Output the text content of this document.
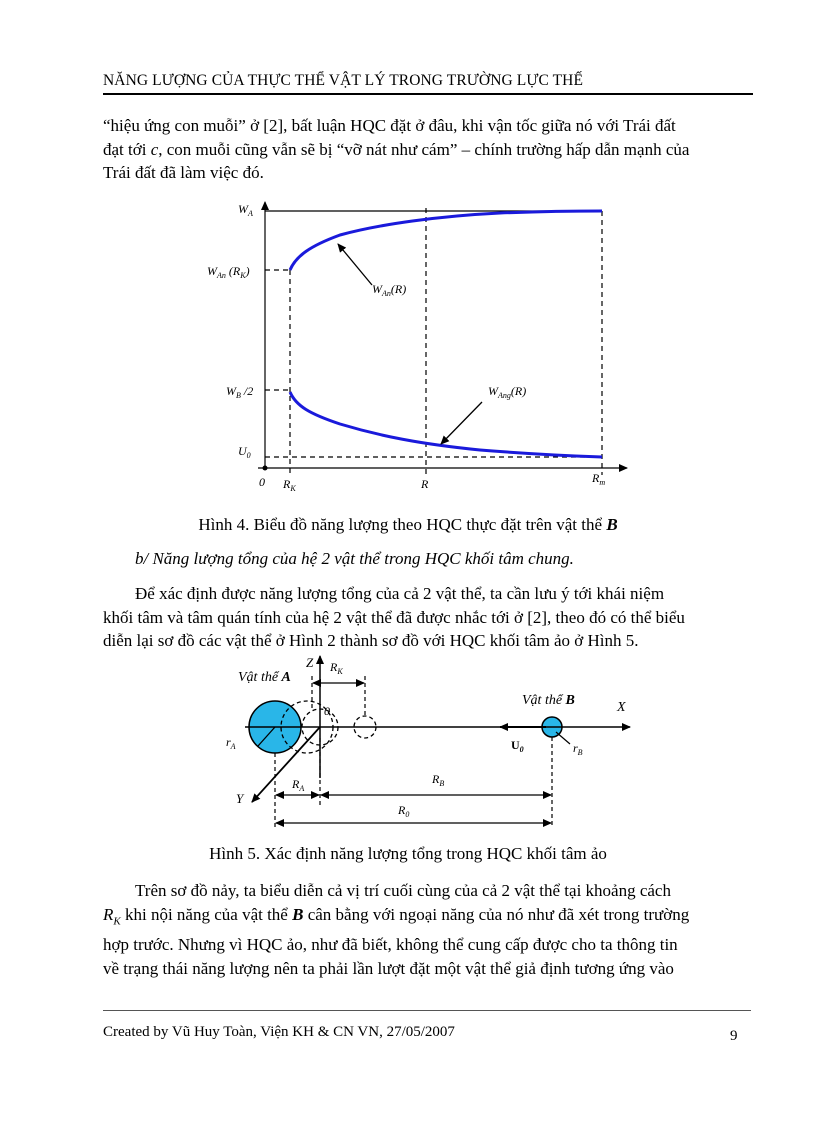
NĂNG LƯỢNG CỦA THỰC THỂ VẬT LÝ TRONG TRƯỜNG LỰC THẾ

“hiệu ứng con muỗi” ở [2], bất luận HQC đặt ở đâu, khi vận tốc giữa nó với Trái đất
đạt tới c, con muỗi cũng vẫn sẽ bị “vỡ nát như cám” – chính trường hấp dẫn mạnh của
Trái đất đã làm việc đó.

$W_A$
$W_{An}$ $(R_K)$
$W_B$ /2
$U_0$
0 $R_K$	R	$R_m$
$W_{An}(R)$
$W_{Ang}(R)$
Hình 4. Biểu đồ năng lượng theo HQC thực đặt trên vật thể B
b/ Năng lượng tổng của hệ 2 vật thể trong HQC khối tâm chung.

Để xác định được năng lượng tổng của cả 2 vật thể, ta cần lưu ý tới khái niệm
khối tâm và tâm quán tính của hệ 2 vật thể đã được nhắc tới ở [2], theo đó có thể biểu
diễn lại sơ đồ các vật thể ở Hình 2 thành sơ đồ với HQC khối tâm ảo ở Hình 5.

Z
X
Y
0
Vật thể A
Vật thể B
$R_K$
$r_A$	$r_B$
$U_0$
$R_A$
$R_B$
$R_0$
Hình 5. Xác định năng lượng tổng trong HQC khối tâm ảo

Trên sơ đồ nảy, ta biểu diễn cả vị trí cuối cùng của cả 2 vật thể tại khoảng cách
$R_K$ khi nội năng của vật thể B cân bằng với ngoại năng của nó như đã xét trong trường
hợp trước. Nhưng vì HQC ảo, như đã biết, không thể cung cấp được cho ta thông tin
về trạng thái năng lượng nên ta phải lần lượt đặt một vật thể giả định tương ứng vào

Created by Vũ Huy Toàn, Viện KH & CN VN, 27/05/2007	9
